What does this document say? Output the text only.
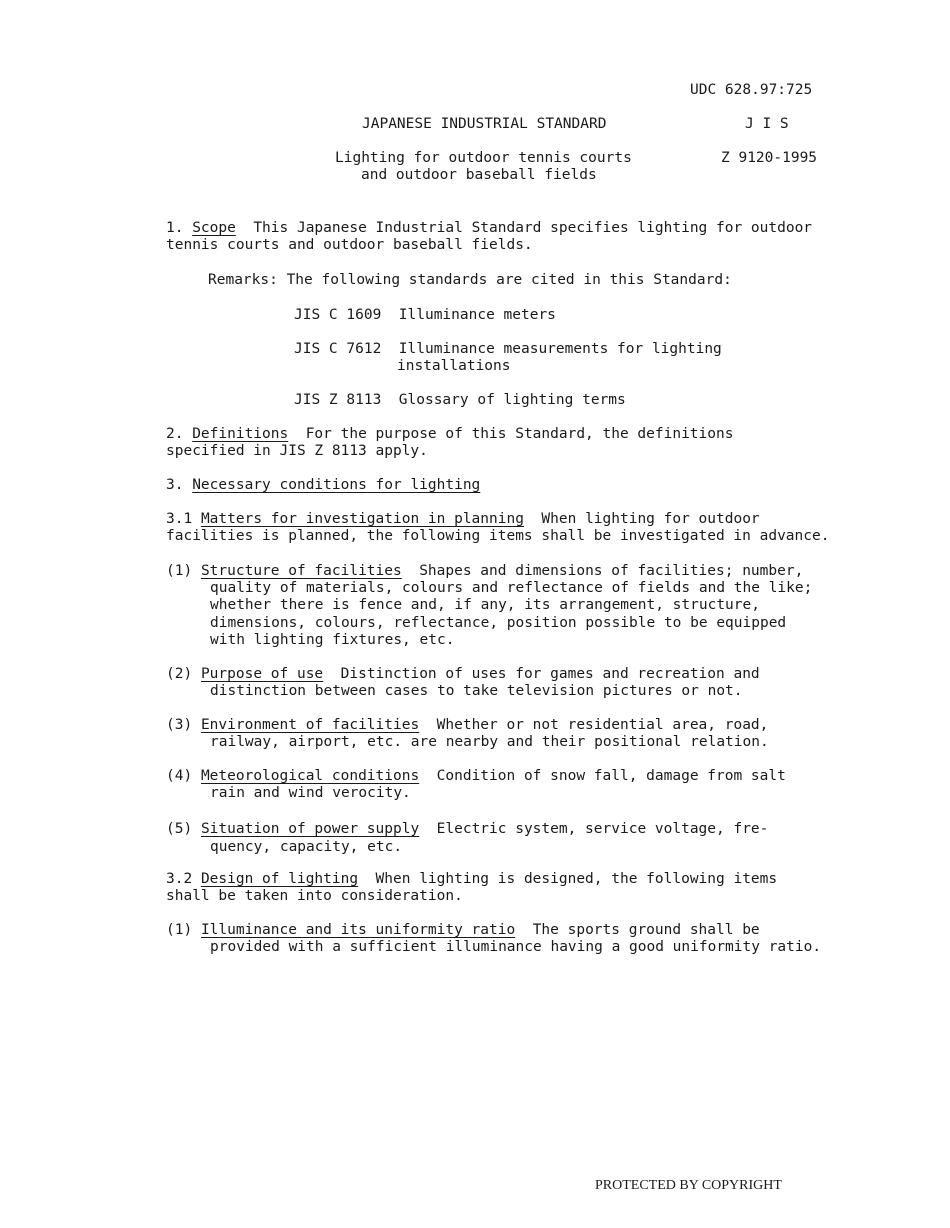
UDC 628.97:725
JAPANESE INDUSTRIAL STANDARD	J I S
Lighting for outdoor tennis courts
and outdoor baseball fields
Z 9120-1995
1. Scope This Japanese Industrial Standard specifies lighting for outdoor
tennis courts and outdoor baseball fields.
Remarks: The following standards are cited in this Standard:
JIS C 1609 Illuminance meters
JIS C 7612 Illuminance measurements for lighting
installations
JIS Z 8113 Glossary of lighting terms
2. Definitions For the purpose of this Standard, the definitions
specified in JIS Z 8113 apply.
3. Necessary conditions for lighting
3.1 Matters for investigation in planning When lighting for outdoor
facilities is planned, the following items shall be investigated in advance.
(1) Structure of facilities Shapes and dimensions of facilities; number,
quality of materials, colours and reflectance of fields and the like;
whether there is fence and, if any, its arrangement, structure,
dimensions, colours, reflectance, position possible to be equipped
with lighting fixtures, etc.
(2) Purpose of use Distinction of uses for games and recreation and
distinction between cases to take television pictures or not.
(3) Environment of facilities Whether or not residential area, road,
railway, airport, etc. are nearby and their positional relation.
(4) Meteorological conditions Condition of snow fall, damage from salt
rain and wind verocity.
(5) Situation of power supply Electric system, service voltage, fre-
quency, capacity, etc.
3.2 Design of lighting When lighting is designed, the following items
shall be taken into consideration.
(1) Illuminance and its uniformity ratio The sports ground shall be
provided with a sufficient illuminance having a good uniformity ratio.
PROTECTED BY COPYRIGHT
